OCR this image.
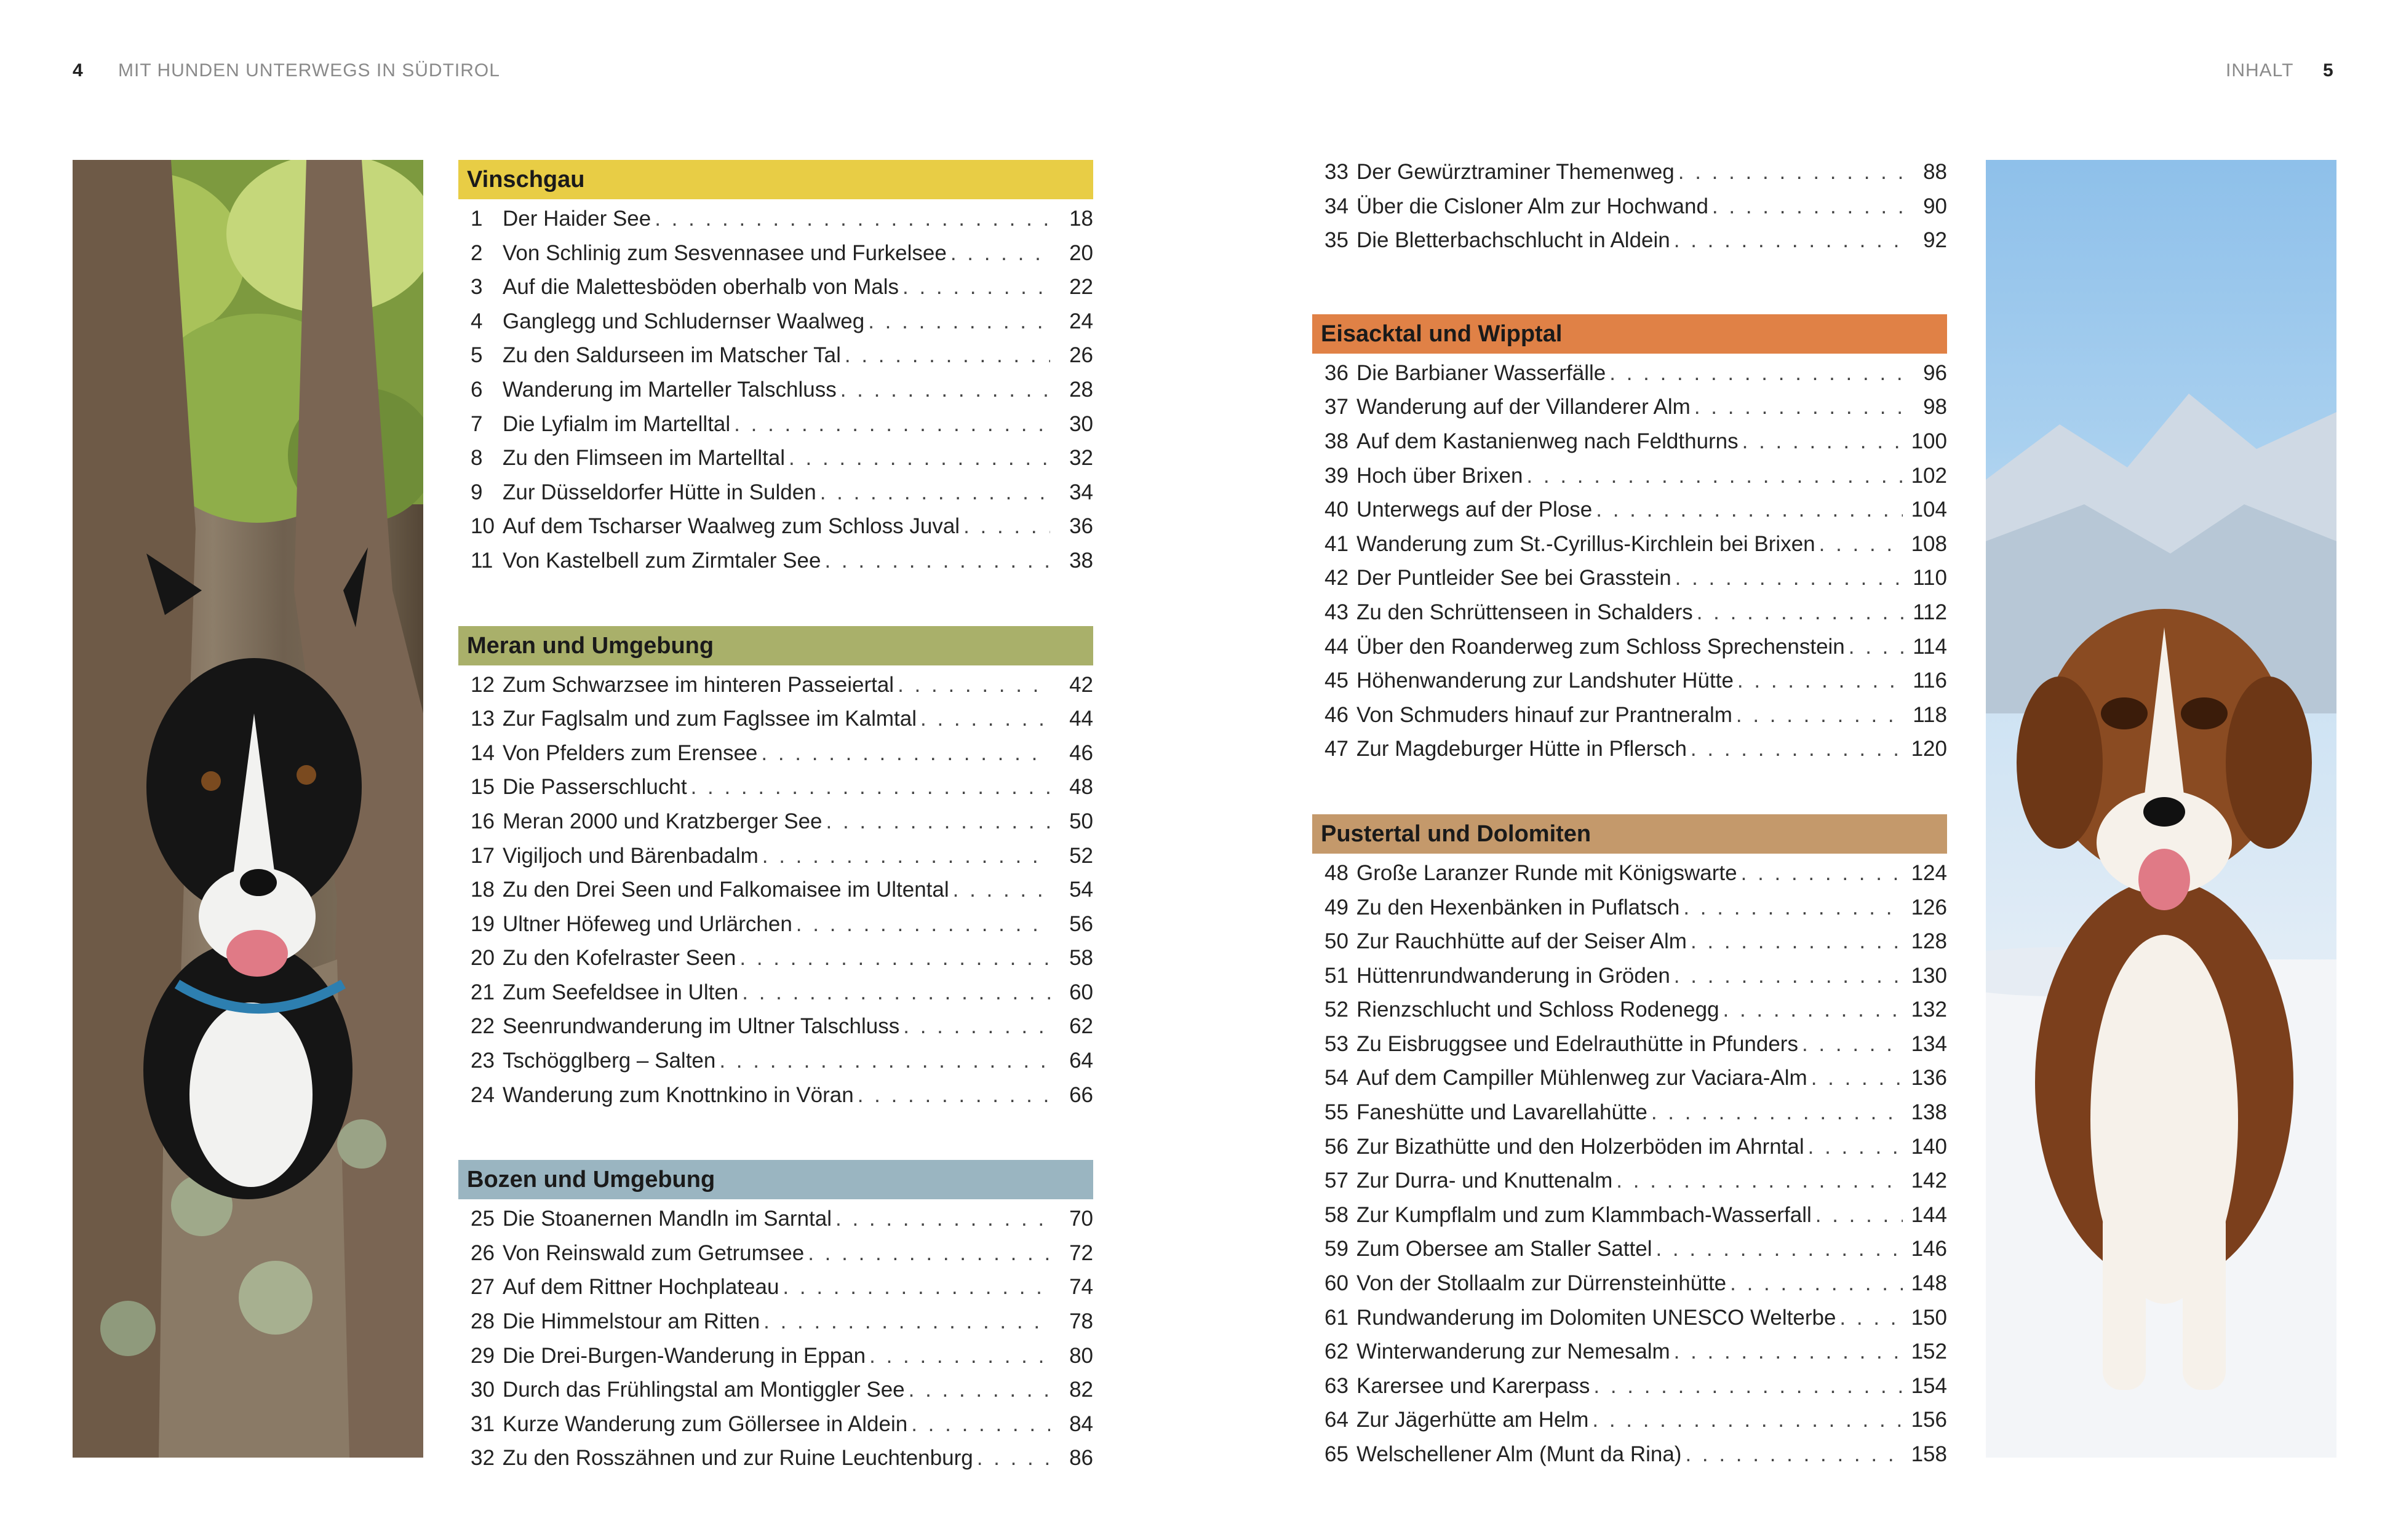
4 MIT HUNDEN UNTERWEGS IN SÜDTIROL	INHALT 5
Vinschgau
1 Der Haider See . . .	18
2 Von Schlinig zum Sesvennasee und Furkelsee . . .	20
3 Auf die Malettesböden oberhalb von Mals . . .	22
4 Ganglegg und Schludernser Waalweg . . .	24
5 Zu den Saldurseen im Matscher Tal . . .	26
6 Wanderung im Marteller Talschluss . . .	28
7 Die Lyfialm im Martelltal . . .	30
8 Zu den Flimseen im Martelltal . . .	32
9 Zur Düsseldorfer Hütte in Sulden . . .	34
10 Auf dem Tscharser Waalweg zum Schloss Juval . . .	36
11 Von Kastelbell zum Zirmtaler See . . .	38
Meran und Umgebung
12 Zum Schwarzsee im hinteren Passeiertal . . .	42
13 Zur Faglsalm und zum Faglssee im Kalmtal . . .	44
14 Von Pfelders zum Erensee . . .	46
15 Die Passerschlucht . . .	48
16 Meran 2000 und Kratzberger See . . .	50
17 Vigiljoch und Bärenbadalm . . .	52
18 Zu den Drei Seen und Falkomaisee im Ultental . . .	54
19 Ultner Höfeweg und Urlärchen . . .	56
20 Zu den Kofelraster Seen . . .	58
21 Zum Seefeldsee in Ulten . . .	60
22 Seenrundwanderung im Ultner Talschluss . . .	62
23 Tschögglberg – Salten . . .	64
24 Wanderung zum Knottnkino in Vöran . . .	66
Bozen und Umgebung
25 Die Stoanernen Mandln im Sarntal . . .	70
26 Von Reinswald zum Getrumsee . . .	72
27 Auf dem Rittner Hochplateau . . .	74
28 Die Himmelstour am Ritten . . .	78
29 Die Drei-Burgen-Wanderung in Eppan . . .	80
30 Durch das Frühlingstal am Montiggler See . . .	82
31 Kurze Wanderung zum Göllersee in Aldein . . .	84
32 Zu den Rosszähnen und zur Ruine Leuchtenburg . . .	86
33 Der Gewürztraminer Themenweg . . .	88
34 Über die Cisloner Alm zur Hochwand . . .	90
35 Die Bletterbachschlucht in Aldein . . .	92
Eisacktal und Wipptal
36 Die Barbianer Wasserfälle . . .	96
37 Wanderung auf der Villanderer Alm . . .	98
38 Auf dem Kastanienweg nach Feldthurns . . .	100
39 Hoch über Brixen . . .	102
40 Unterwegs auf der Plose . . .	104
41 Wanderung zum St.-Cyrillus-Kirchlein bei Brixen . . .	108
42 Der Puntleider See bei Grasstein . . .	110
43 Zu den Schrüttenseen in Schalders . . .	112
44 Über den Roanderweg zum Schloss Sprechenstein . . .	114
45 Höhenwanderung zur Landshuter Hütte . . .	116
46 Von Schmuders hinauf zur Prantneralm . . .	118
47 Zur Magdeburger Hütte in Pflersch . . .	120
Pustertal und Dolomiten
48 Große Laranzer Runde mit Königswarte . . .	124
49 Zu den Hexenbänken in Puflatsch . . .	126
50 Zur Rauchhütte auf der Seiser Alm . . .	128
51 Hüttenrundwanderung in Gröden . . .	130
52 Rienzschlucht und Schloss Rodenegg . . .	132
53 Zu Eisbruggsee und Edelrauthütte in Pfunders . . .	134
54 Auf dem Campiller Mühlenweg zur Vaciara-Alm . . .	136
55 Faneshütte und Lavarellahütte . . .	138
56 Zur Bizathütte und den Holzerböden im Ahrntal . . .	140
57 Zur Durra- und Knuttenalm . . .	142
58 Zur Kumpflalm und zum Klammbach-Wasserfall . . .	144
59 Zum Obersee am Staller Sattel . . .	146
60 Von der Stollaalm zur Dürrensteinhütte . . .	148
61 Rundwanderung im Dolomiten UNESCO Welterbe . . .	150
62 Winterwanderung zur Nemesalm . . .	152
63 Karersee und Karerpass . . .	154
64 Zur Jägerhütte am Helm . . .	156
65 Welschellener Alm (Munt da Rina) . . .	158
